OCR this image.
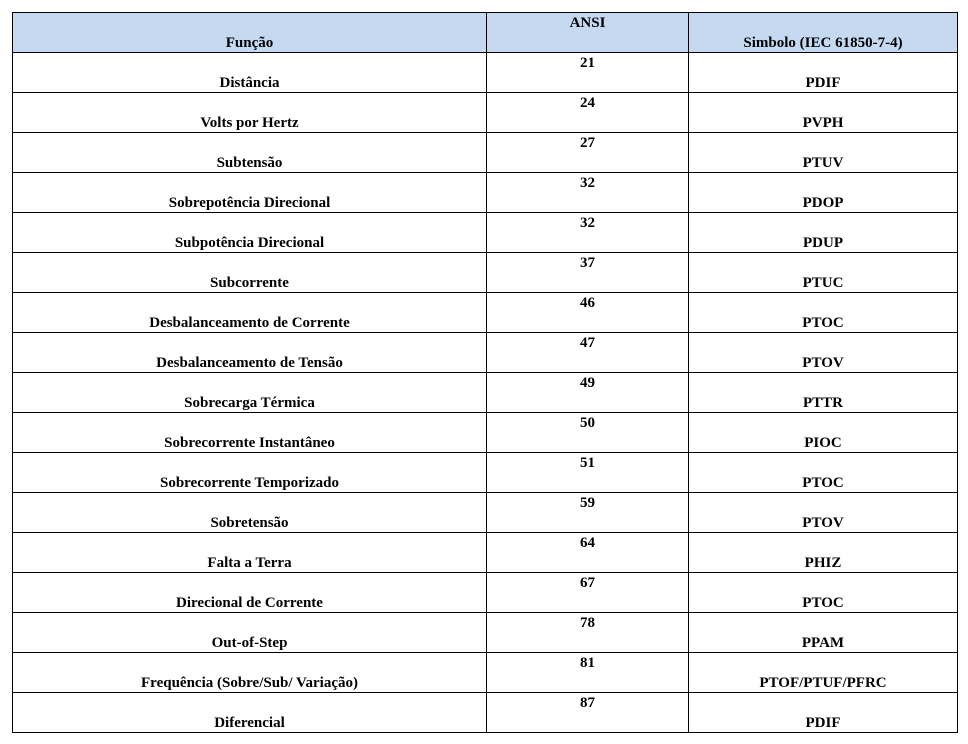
Função	ANSI	Simbolo (IEC 61850-7-4)

Distância	21	PDIF

Volts por Hertz	24	PVPH

Subtensão	27	PTUV

Sobrepotência Direcional	32	PDOP

Subpotência Direcional	32	PDUP

Subcorrente	37	PTUC

Desbalanceamento de Corrente	46	PTOC

Desbalanceamento de Tensão	47	PTOV

Sobrecarga Térmica	49	PTTR

Sobrecorrente Instantâneo	50	PIOC

Sobrecorrente Temporizado	51	PTOC

Sobretensão	59	PTOV

Falta a Terra	64	PHIZ

Direcional de Corrente	67	PTOC

Out-of-Step	78	PPAM

Frequência (Sobre/Sub/ Variação)	81	PTOF/PTUF/PFRC

Diferencial	87	PDIF
